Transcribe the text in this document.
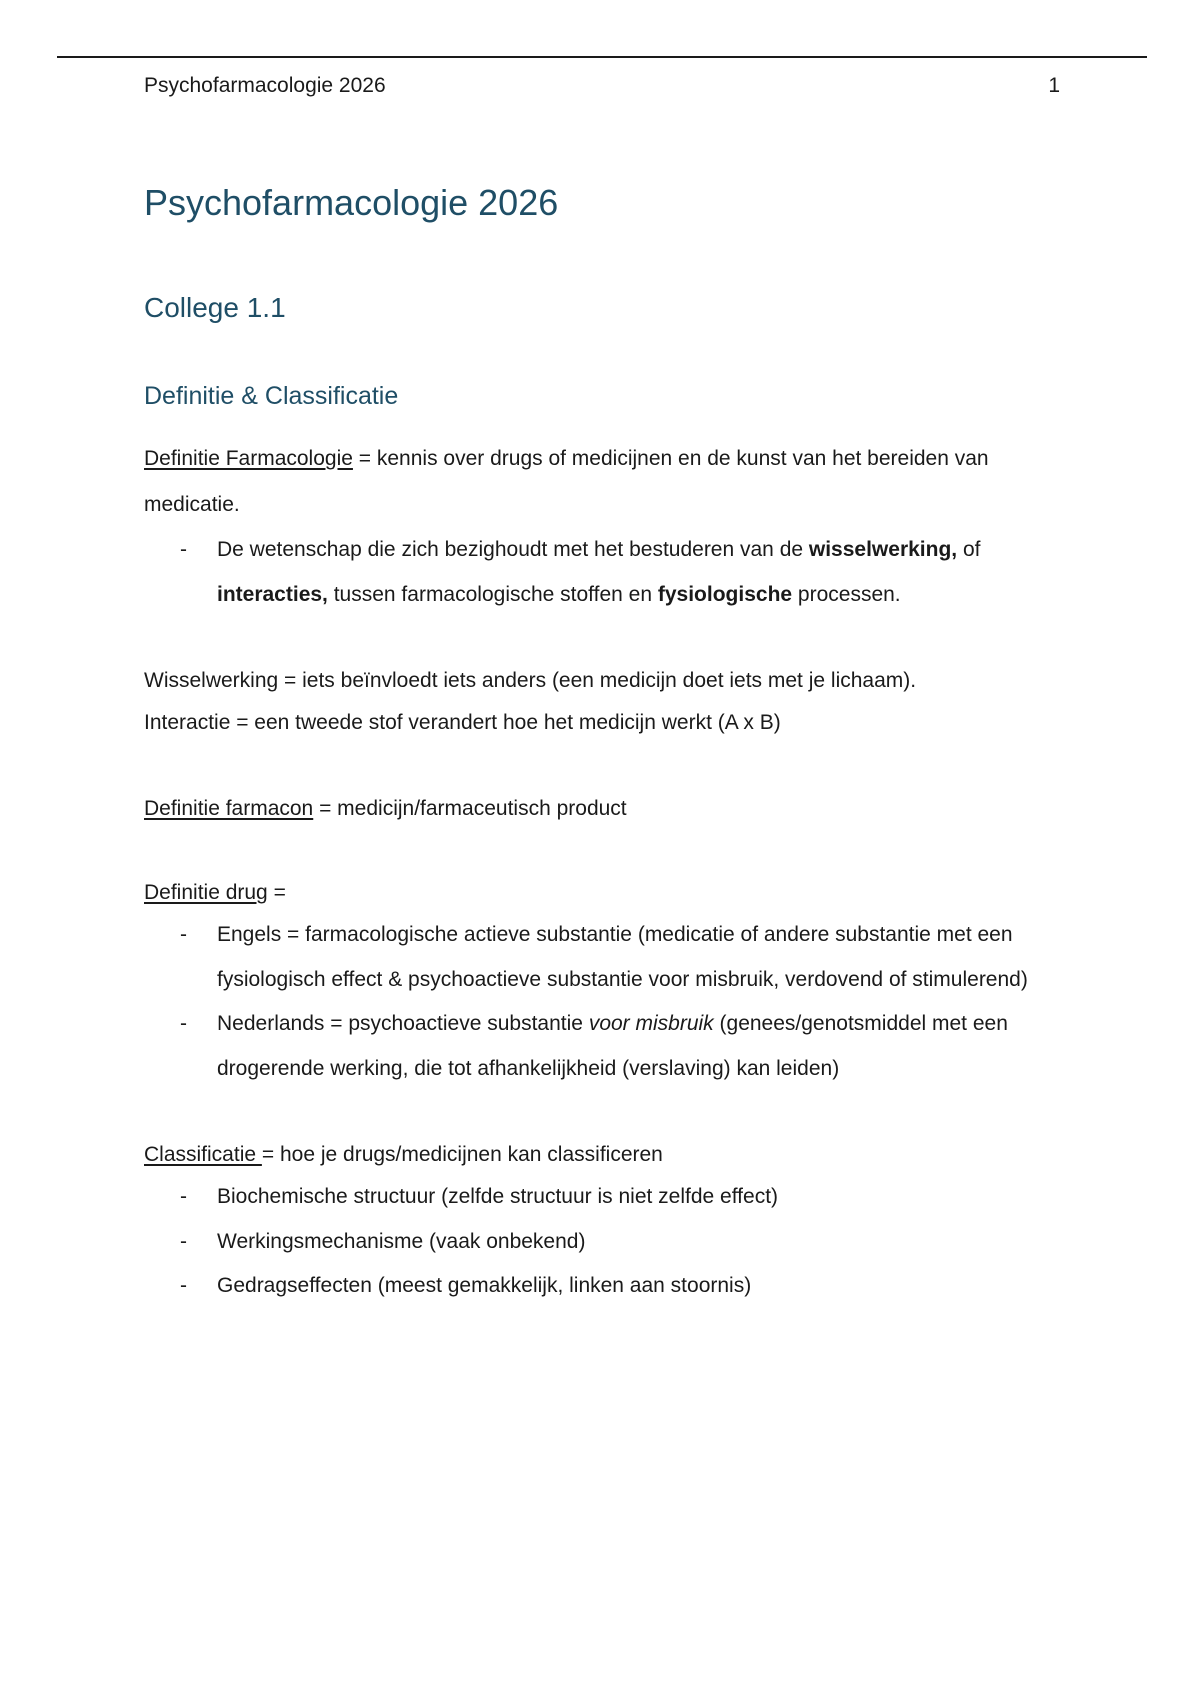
Psychofarmacologie 2026	1
Psychofarmacologie 2026
College 1.1
Definitie & Classificatie

Definitie Farmacologie = kennis over drugs of medicijnen en de kunst van het bereiden van medicatie.

- De wetenschap die zich bezighoudt met het bestuderen van de wisselwerking, of interacties, tussen farmacologische stoffen en fysiologische processen.

Wisselwerking = iets beïnvloedt iets anders (een medicijn doet iets met je lichaam).

Interactie = een tweede stof verandert hoe het medicijn werkt (A x B)

Definitie farmacon = medicijn/farmaceutisch product

Definitie drug =

- Engels = farmacologische actieve substantie (medicatie of andere substantie met een fysiologisch effect & psychoactieve substantie voor misbruik, verdovend of stimulerend)
- Nederlands = psychoactieve substantie voor misbruik (genees/genotsmiddel met een drogerende werking, die tot afhankelijkheid (verslaving) kan leiden)

Classificatie = hoe je drugs/medicijnen kan classificeren

- Biochemische structuur (zelfde structuur is niet zelfde effect)
- Werkingsmechanisme (vaak onbekend)
- Gedragseffecten (meest gemakkelijk, linken aan stoornis)
